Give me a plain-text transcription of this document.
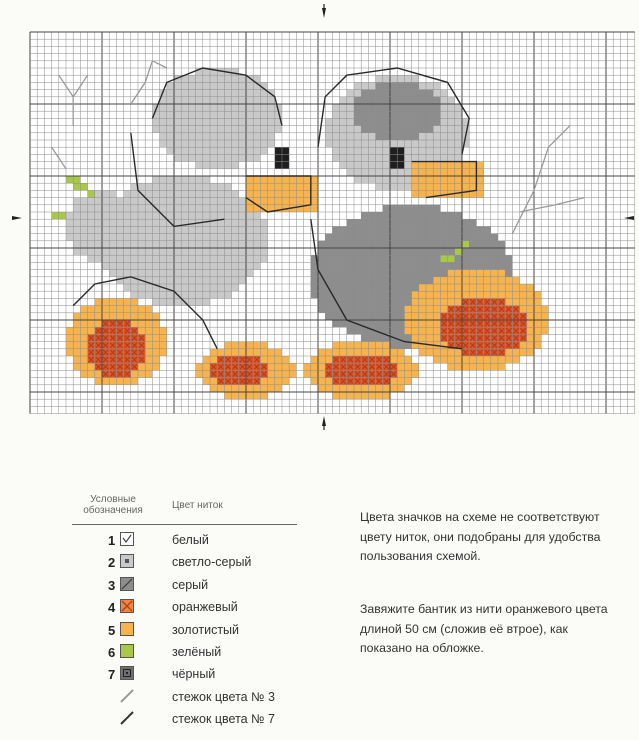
Условные обозначения	Цвет ниток
1	белый
2	светло-серый
3	серый
4	оранжевый
5	золотистый
6	зелёный
7	чёрный
стежок цвета № 3
стежок цвета № 7

Цвета значков на схеме не соответствуют цвету ниток, они подобраны для удобства пользования схемой.

Завяжите бантик из нити оранжевого цвета длиной 50 см (сложив её втрое), как показано на обложке.
